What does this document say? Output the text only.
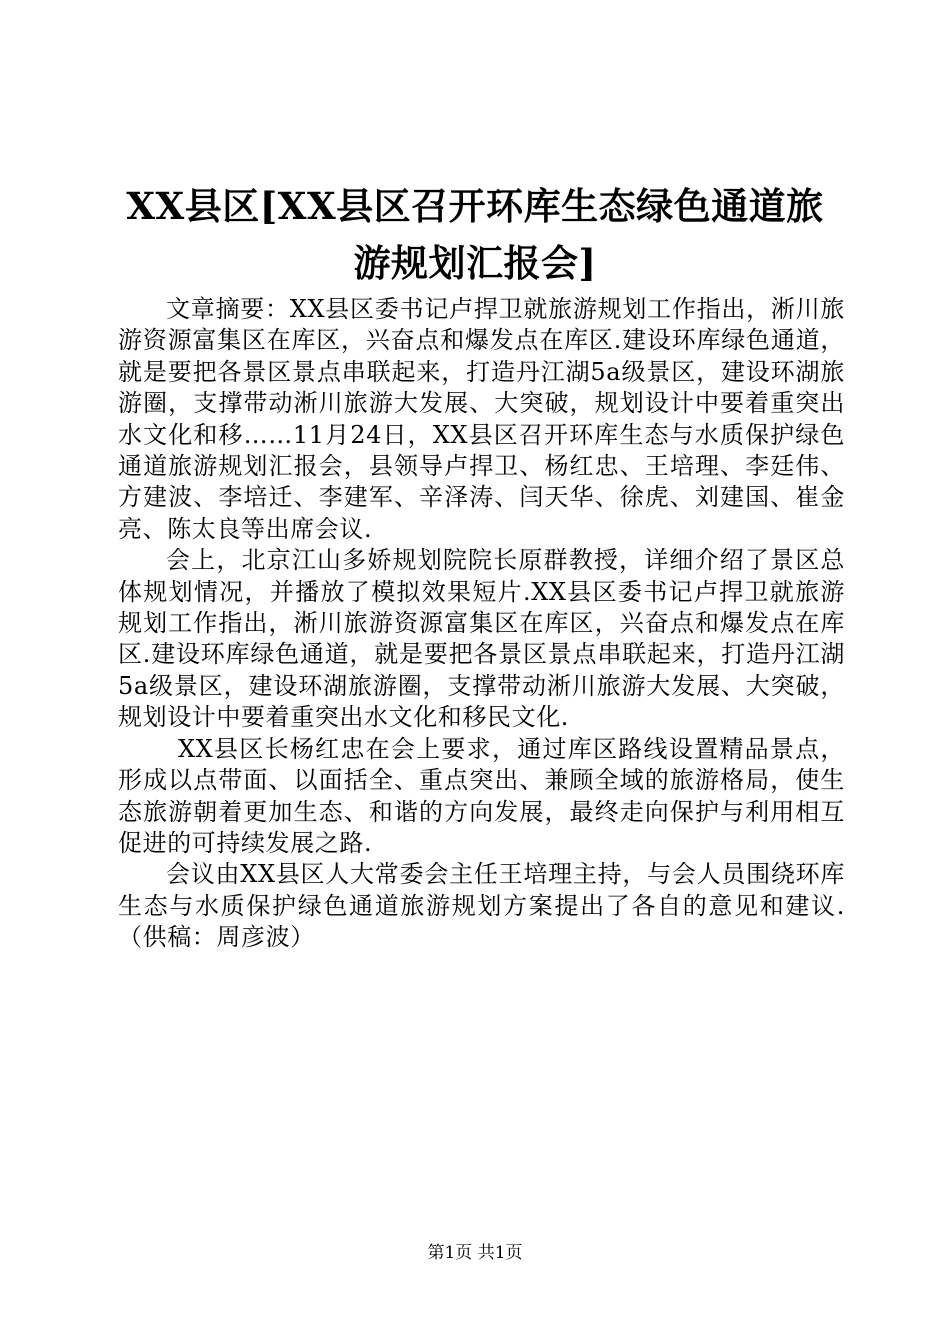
XX县区[XX县区召开环库生态绿色通道旅游规划汇报会]

文章摘要：XX县区委书记卢捍卫就旅游规划工作指出，淅川旅游资源富集区在库区，兴奋点和爆发点在库区.建设环库绿色通道，就是要把各景区景点串联起来，打造丹江湖5a级景区，建设环湖旅游圈，支撑带动淅川旅游大发展、大突破，规划设计中要着重突出水文化和移……11月24日，XX县区召开环库生态与水质保护绿色通道旅游规划汇报会，县领导卢捍卫、杨红忠、王培理、李廷伟、方建波、李培迁、李建军、辛泽涛、闫天华、徐虎、刘建国、崔金亮、陈太良等出席会议.

会上，北京江山多娇规划院院长原群教授，详细介绍了景区总体规划情况，并播放了模拟效果短片.XX县区委书记卢捍卫就旅游规划工作指出，淅川旅游资源富集区在库区，兴奋点和爆发点在库区.建设环库绿色通道，就是要把各景区景点串联起来，打造丹江湖5a级景区，建设环湖旅游圈，支撑带动淅川旅游大发展、大突破，规划设计中要着重突出水文化和移民文化.

XX县区长杨红忠在会上要求，通过库区路线设置精品景点，形成以点带面、以面括全、重点突出、兼顾全域的旅游格局，使生态旅游朝着更加生态、和谐的方向发展，最终走向保护与利用相互促进的可持续发展之路.

会议由XX县区人大常委会主任王培理主持，与会人员围绕环库生态与水质保护绿色通道旅游规划方案提出了各自的意见和建议.（供稿：周彦波）

第1页 共1页
